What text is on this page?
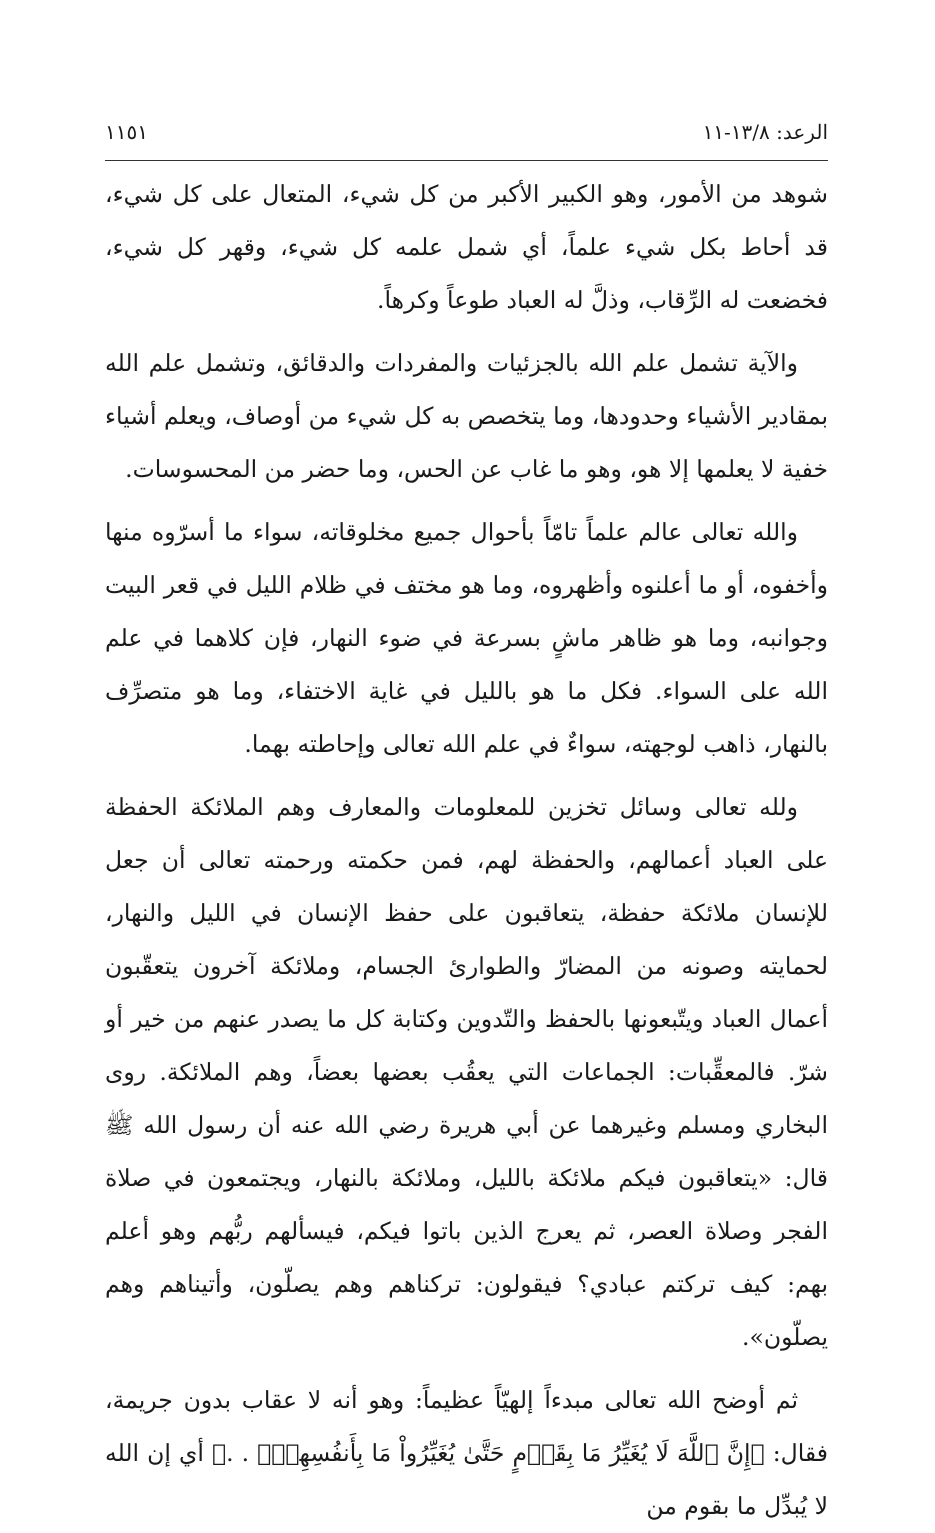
الرعد: ١٣/٨-١١
١١٥١

شوهد من الأمور، وهو الكبير الأكبر من كل شيء، المتعال على كل شيء، قد أحاط بكل شيء علماً، أي شمل علمه كل شيء، وقهر كل شيء، فخضعت له الرِّقاب، وذلَّ له العباد طوعاً وكرهاً.

والآية تشمل علم الله بالجزئيات والمفردات والدقائق، وتشمل علم الله بمقادير الأشياء وحدودها، وما يتخصص به كل شيء من أوصاف، ويعلم أشياء خفية لا يعلمها إلا هو، وهو ما غاب عن الحس، وما حضر من المحسوسات.

والله تعالى عالم علماً تامّاً بأحوال جميع مخلوقاته، سواء ما أسرّوه منها وأخفوه، أو ما أعلنوه وأظهروه، وما هو مختف في ظلام الليل في قعر البيت وجوانبه، وما هو ظاهر ماشٍ بسرعة في ضوء النهار، فإن كلاهما في علم الله على السواء. فكل ما هو بالليل في غاية الاختفاء، وما هو متصرِّف بالنهار، ذاهب لوجهته، سواءٌ في علم الله تعالى وإحاطته بهما.

ولله تعالى وسائل تخزين للمعلومات والمعارف وهم الملائكة الحفظة على العباد أعمالهم، والحفظة لهم، فمن حكمته ورحمته تعالى أن جعل للإنسان ملائكة حفظة، يتعاقبون على حفظ الإنسان في الليل والنهار، لحمايته وصونه من المضارّ والطوارئ الجسام، وملائكة آخرون يتعقّبون أعمال العباد ويتّبعونها بالحفظ والتّدوين وكتابة كل ما يصدر عنهم من خير أو شرّ. فالمعقِّبات: الجماعات التي يعقُب بعضها بعضاً، وهم الملائكة. روى البخاري ومسلم وغيرهما عن أبي هريرة رضي الله عنه أن رسول الله ﷺ قال: «يتعاقبون فيكم ملائكة بالليل، وملائكة بالنهار، ويجتمعون في صلاة الفجر وصلاة العصر، ثم يعرج الذين باتوا فيكم، فيسألهم ربُّهم وهو أعلم بهم: كيف تركتم عبادي؟ فيقولون: تركناهم وهم يصلّون، وأتيناهم وهم يصلّون».

ثم أوضح الله تعالى مبدءاً إلهيّاً عظيماً: وهو أنه لا عقاب بدون جريمة، فقال: ﴿إِنَّ ٱللَّهَ لَا يُغَيِّرُ مَا بِقَوۡمٍ حَتَّىٰ يُغَيِّرُواْ مَا بِأَنفُسِهِمۡۗ . .﴾ أي إن الله لا يُبدِّل ما بقوم من
